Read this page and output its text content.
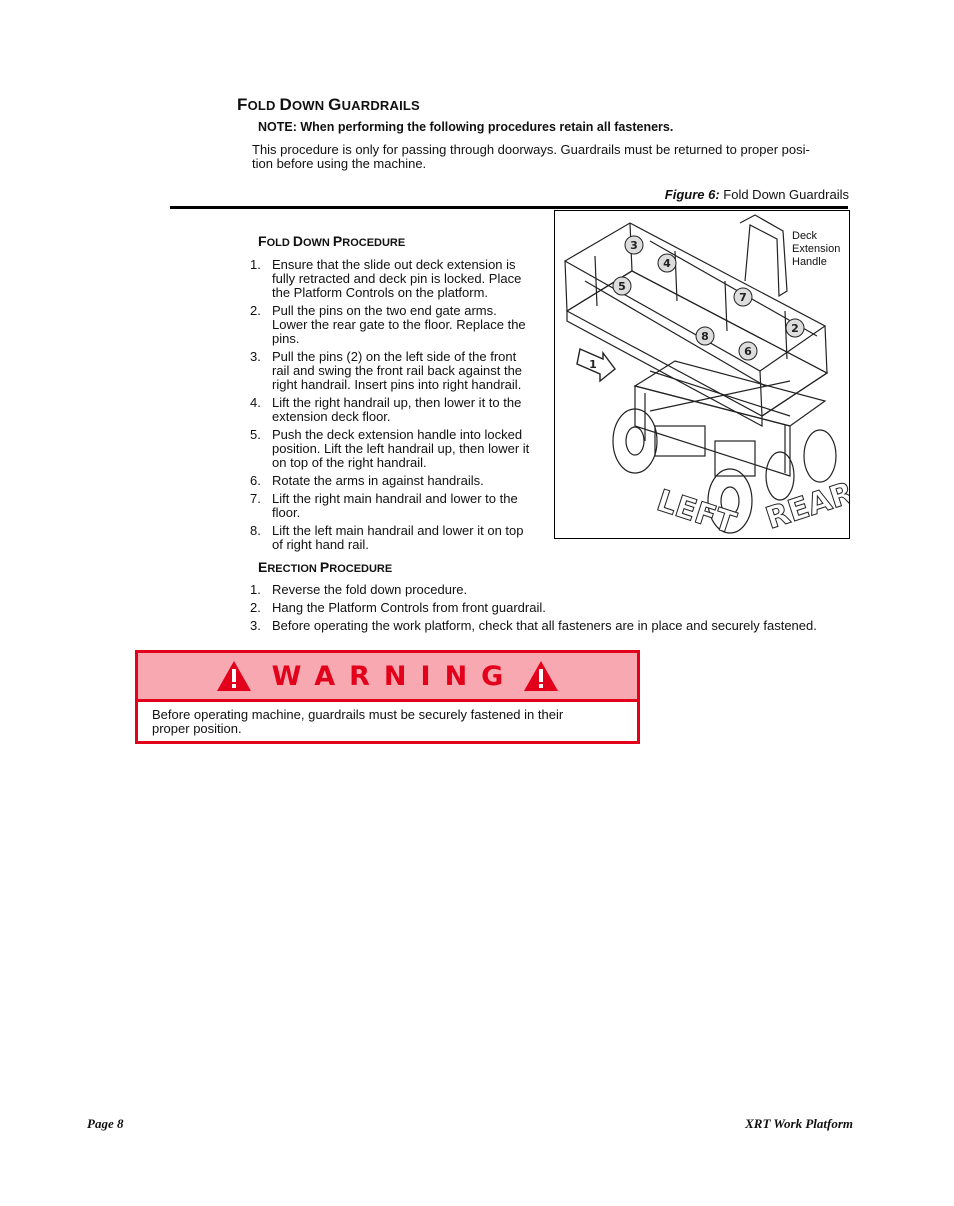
FOLD DOWN GUARDRAILS
NOTE: When performing the following procedures retain all fasteners.
This procedure is only for passing through doorways. Guardrails must be returned to proper posi-
tion before using the machine.
Figure 6: Fold Down Guardrails
FOLD DOWN PROCEDURE
1. Ensure that the slide out deck extension is
fully retracted and deck pin is locked. Place
the Platform Controls on the platform.
2. Pull the pins on the two end gate arms.
Lower the rear gate to the floor. Replace the
pins.
3. Pull the pins (2) on the left side of the front
rail and swing the front rail back against the
right handrail. Insert pins into right handrail.
4. Lift the right handrail up, then lower it to the
extension deck floor.
5. Push the deck extension handle into locked
position. Lift the left handrail up, then lower it
on top of the right handrail.
6. Rotate the arms in against handrails.
7. Lift the right main handrail and lower to the
floor.
8. Lift the left main handrail and lower it on top
of right hand rail.
ERECTION PROCEDURE
1. Reverse the fold down procedure.
2. Hang the Platform Controls from front guardrail.
3. Before operating the work platform, check that all fasteners are in place and securely fastened.
3
4
5
7
8
2
6
1
LEFT REAR
Deck
Extension
Handle
WARNING
Before operating machine, guardrails must be securely fastened in their
proper position.
Page 8	XRT Work Platform
